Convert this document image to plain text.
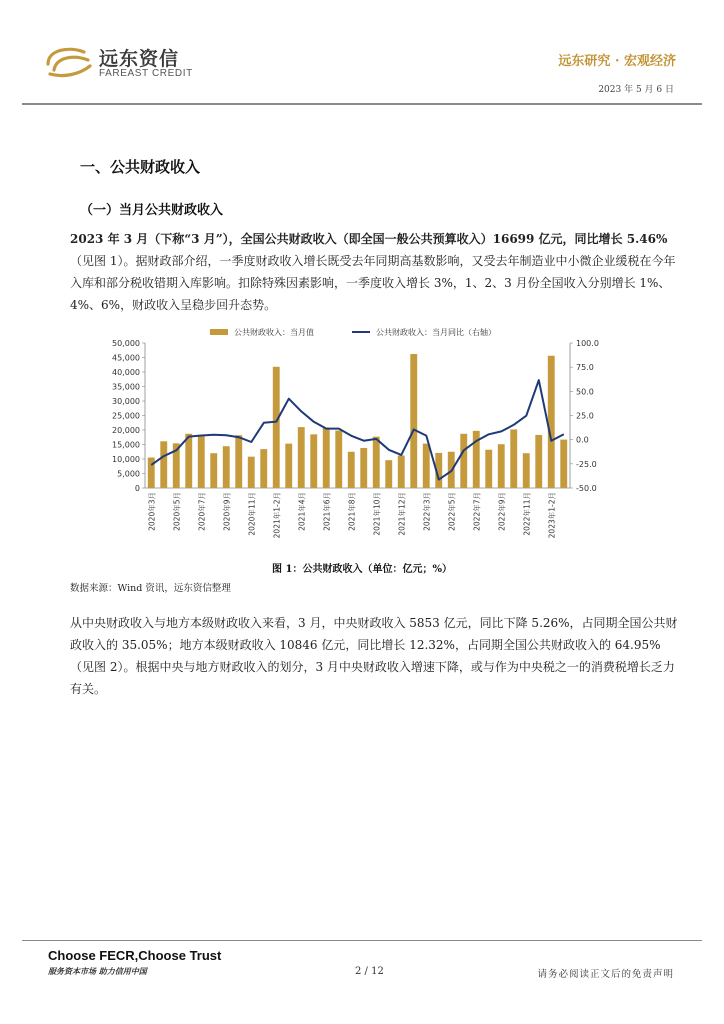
远东资信
FAREAST CREDIT
远东研究 · 宏观经济
2023 年 5 月 6 日
一、公共财政收入
（一）当月公共财政收入
2023 年 3 月（下称“3 月”），全国公共财政收入（即全国一般公共预算收入）16699 亿元，同比增长 5.46%（见图 1）。据财政部介绍，一季度财政收入增长既受去年同期高基数影响，又受去年制造业中小微企业缓税在今年入库和部分税收错期入库影响。扣除特殊因素影响，一季度收入增长 3%，1、2、3 月份全国收入分别增长 1%、4%、6%，财政收入呈稳步回升态势。
0
5,000
10,000
15,000
20,000
25,000
30,000
35,000
40,000
45,000
50,000
-50.0
-25.0
0.0
25.0
50.0
75.0
100.0
2020年3月 2020年5月 2020年7月 2020年9月 2020年11月 2021年1-2月 2021年4月 2021年6月 2021年8月 2021年10月 2021年12月 2022年3月 2022年5月 2022年7月 2022年9月 2022年11月 2023年1-2月
公共财政收入：当月值	公共财政收入：当月同比（右轴）
图 1：公共财政收入（单位：亿元；%）
数据来源：Wind 资讯，远东资信整理
从中央财政收入与地方本级财政收入来看，3 月，中央财政收入 5853 亿元，同比下降 5.26%，占同期全国公共财政收入的 35.05%；地方本级财政收入 10846 亿元，同比增长 12.32%，占同期全国公共财政收入的 64.95%（见图 2）。根据中央与地方财政收入的划分，3 月中央财政收入增速下降，或与作为中央税之一的消费税增长乏力有关。
Choose FECR,Choose Trust
服务资本市场 助力信用中国	2 / 12	请务必阅读正文后的免责声明
